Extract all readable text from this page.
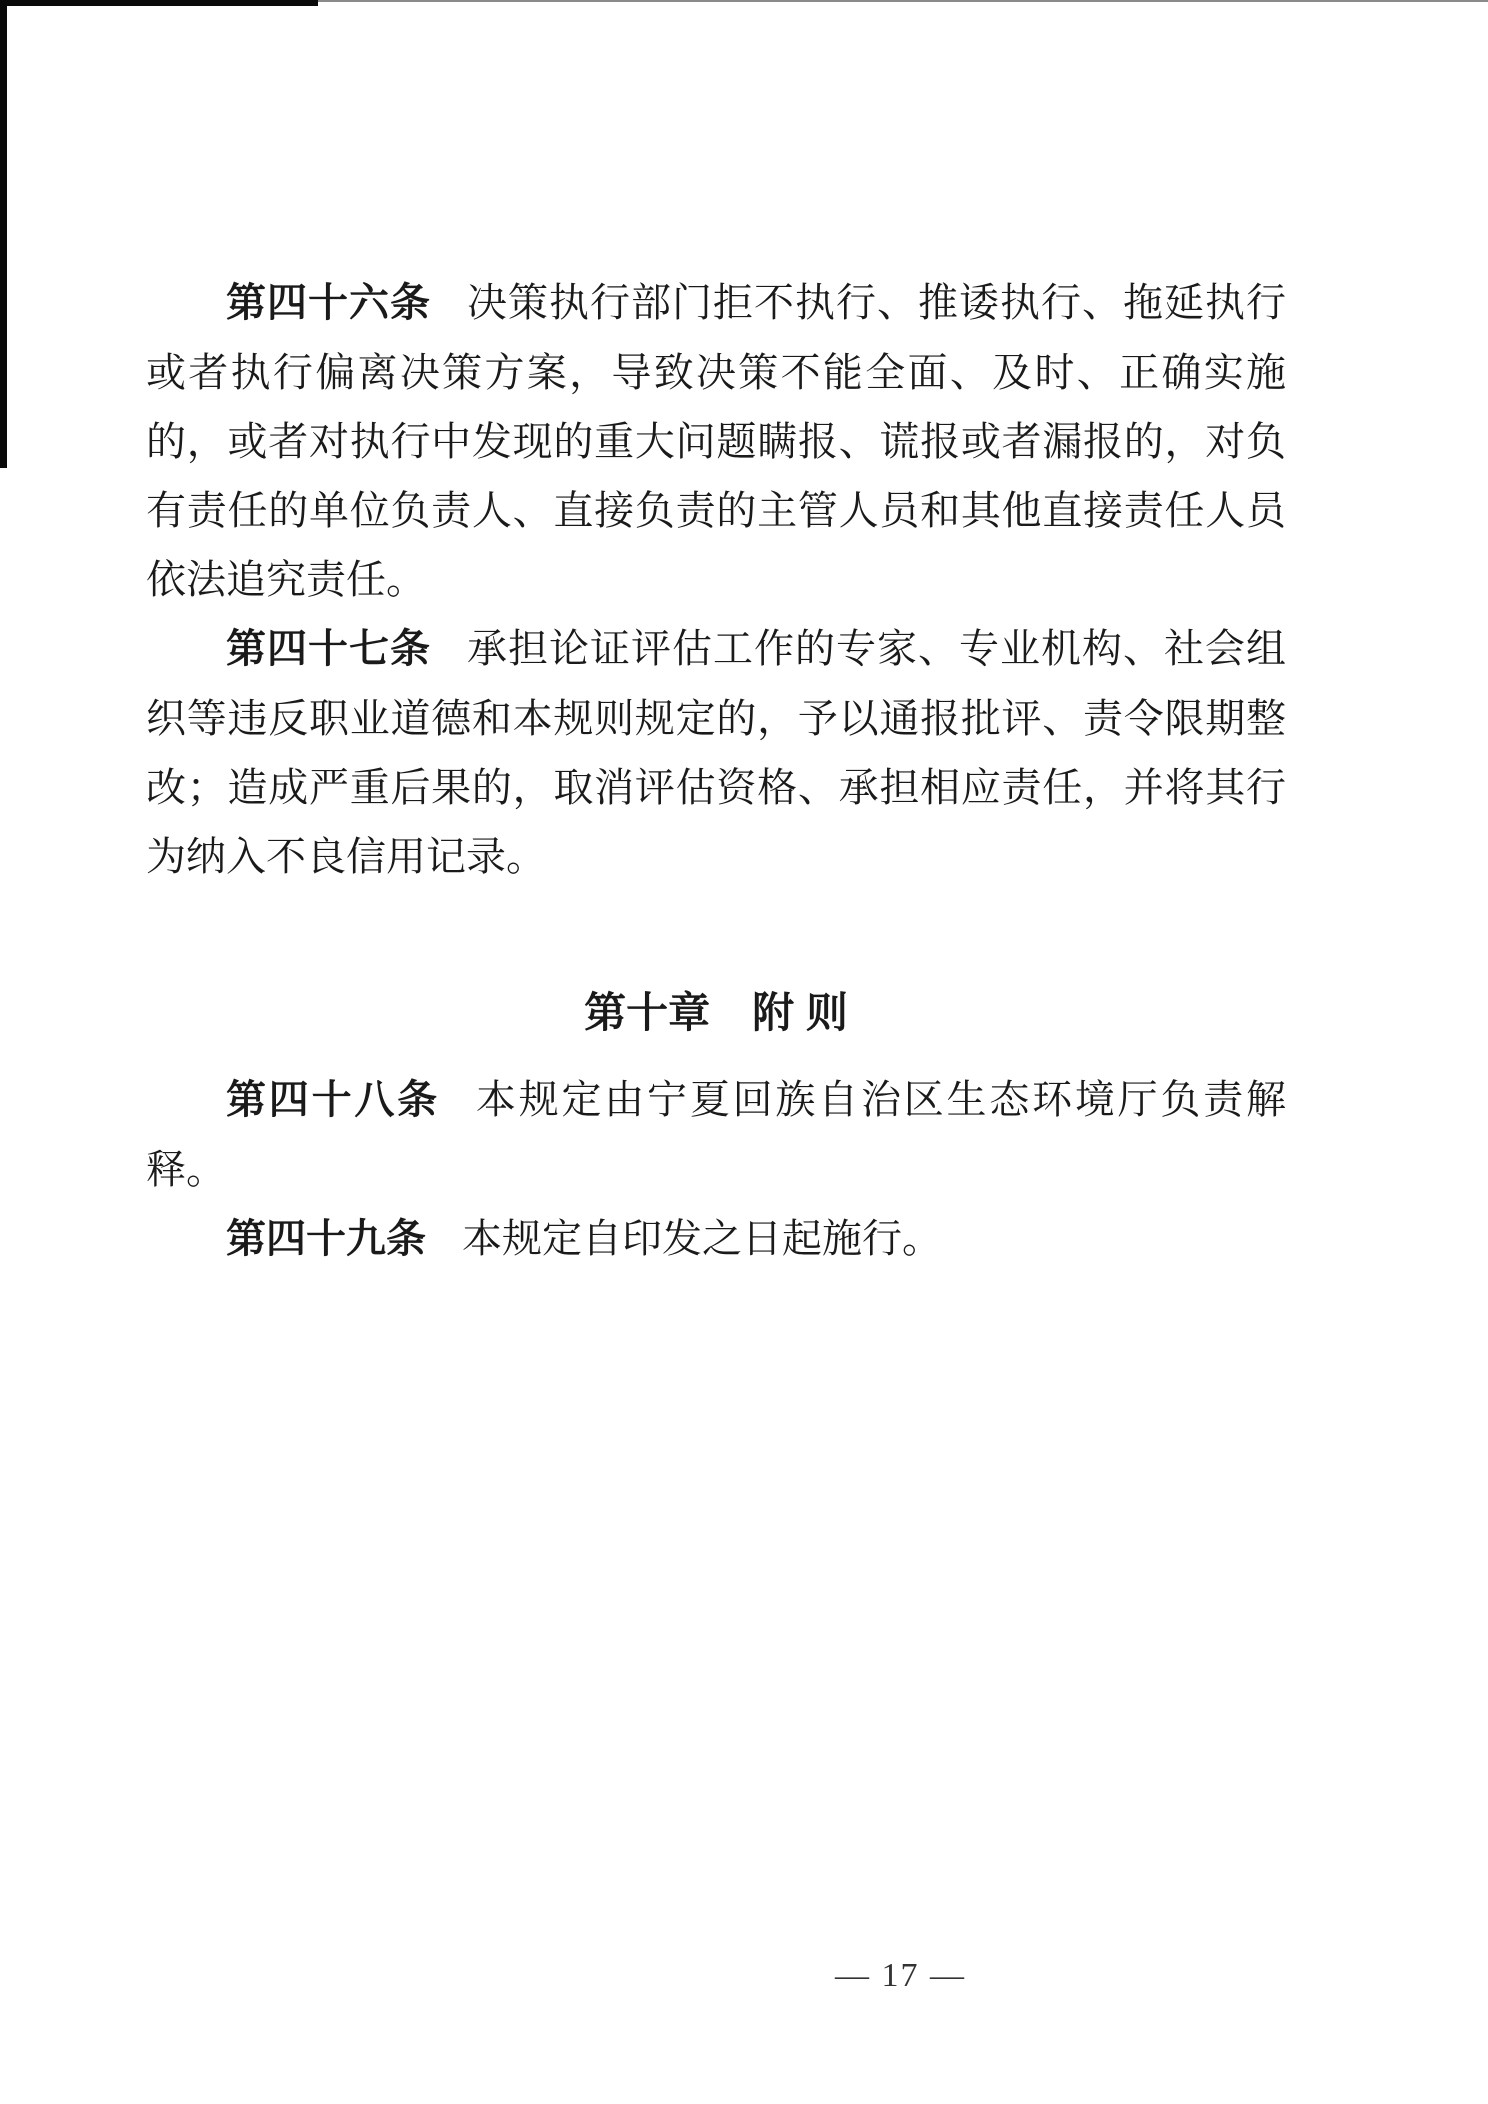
第四十六条 决策执行部门拒不执行、推诿执行、拖延执行或者执行偏离决策方案，导致决策不能全面、及时、正确实施的，或者对执行中发现的重大问题瞒报、谎报或者漏报的，对负有责任的单位负责人、直接负责的主管人员和其他直接责任人员依法追究责任。

第四十七条 承担论证评估工作的专家、专业机构、社会组织等违反职业道德和本规则规定的，予以通报批评、责令限期整改；造成严重后果的，取消评估资格、承担相应责任，并将其行为纳入不良信用记录。

第十章　附 则

第四十八条 本规定由宁夏回族自治区生态环境厅负责解释。

第四十九条 本规定自印发之日起施行。

— 17 —
